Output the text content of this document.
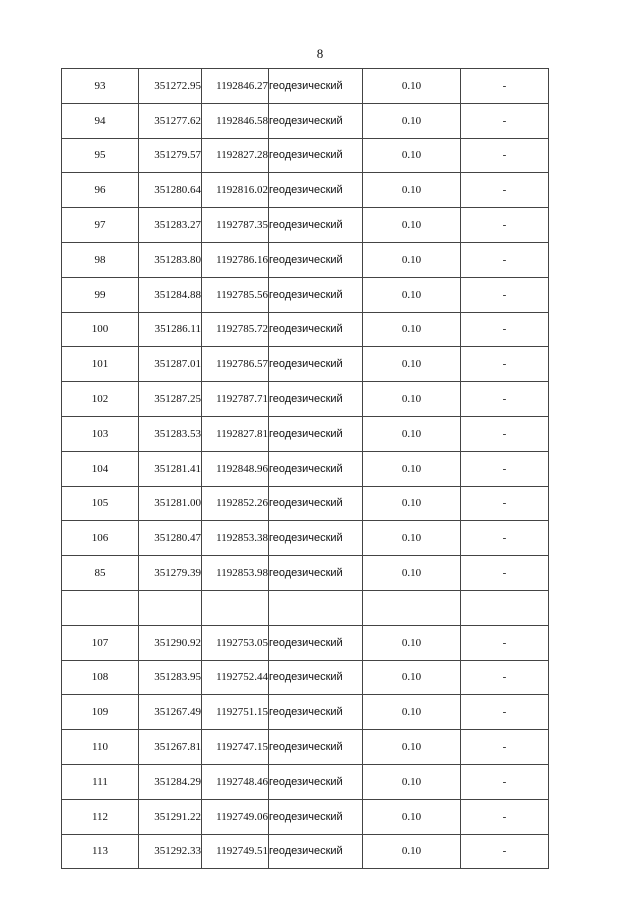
8
93	351272.95	1192846.27	геодезический	0.10	-
94	351277.62	1192846.58	геодезический	0.10	-
95	351279.57	1192827.28	геодезический	0.10	-
96	351280.64	1192816.02	геодезический	0.10	-
97	351283.27	1192787.35	геодезический	0.10	-
98	351283.80	1192786.16	геодезический	0.10	-
99	351284.88	1192785.56	геодезический	0.10	-
100	351286.11	1192785.72	геодезический	0.10	-
101	351287.01	1192786.57	геодезический	0.10	-
102	351287.25	1192787.71	геодезический	0.10	-
103	351283.53	1192827.81	геодезический	0.10	-
104	351281.41	1192848.96	геодезический	0.10	-
105	351281.00	1192852.26	геодезический	0.10	-
106	351280.47	1192853.38	геодезический	0.10	-
85	351279.39	1192853.98	геодезический	0.10	-

107	351290.92	1192753.05	геодезический	0.10	-
108	351283.95	1192752.44	геодезический	0.10	-
109	351267.49	1192751.15	геодезический	0.10	-
110	351267.81	1192747.15	геодезический	0.10	-
111	351284.29	1192748.46	геодезический	0.10	-
112	351291.22	1192749.06	геодезический	0.10	-
113	351292.33	1192749.51	геодезический	0.10	-
